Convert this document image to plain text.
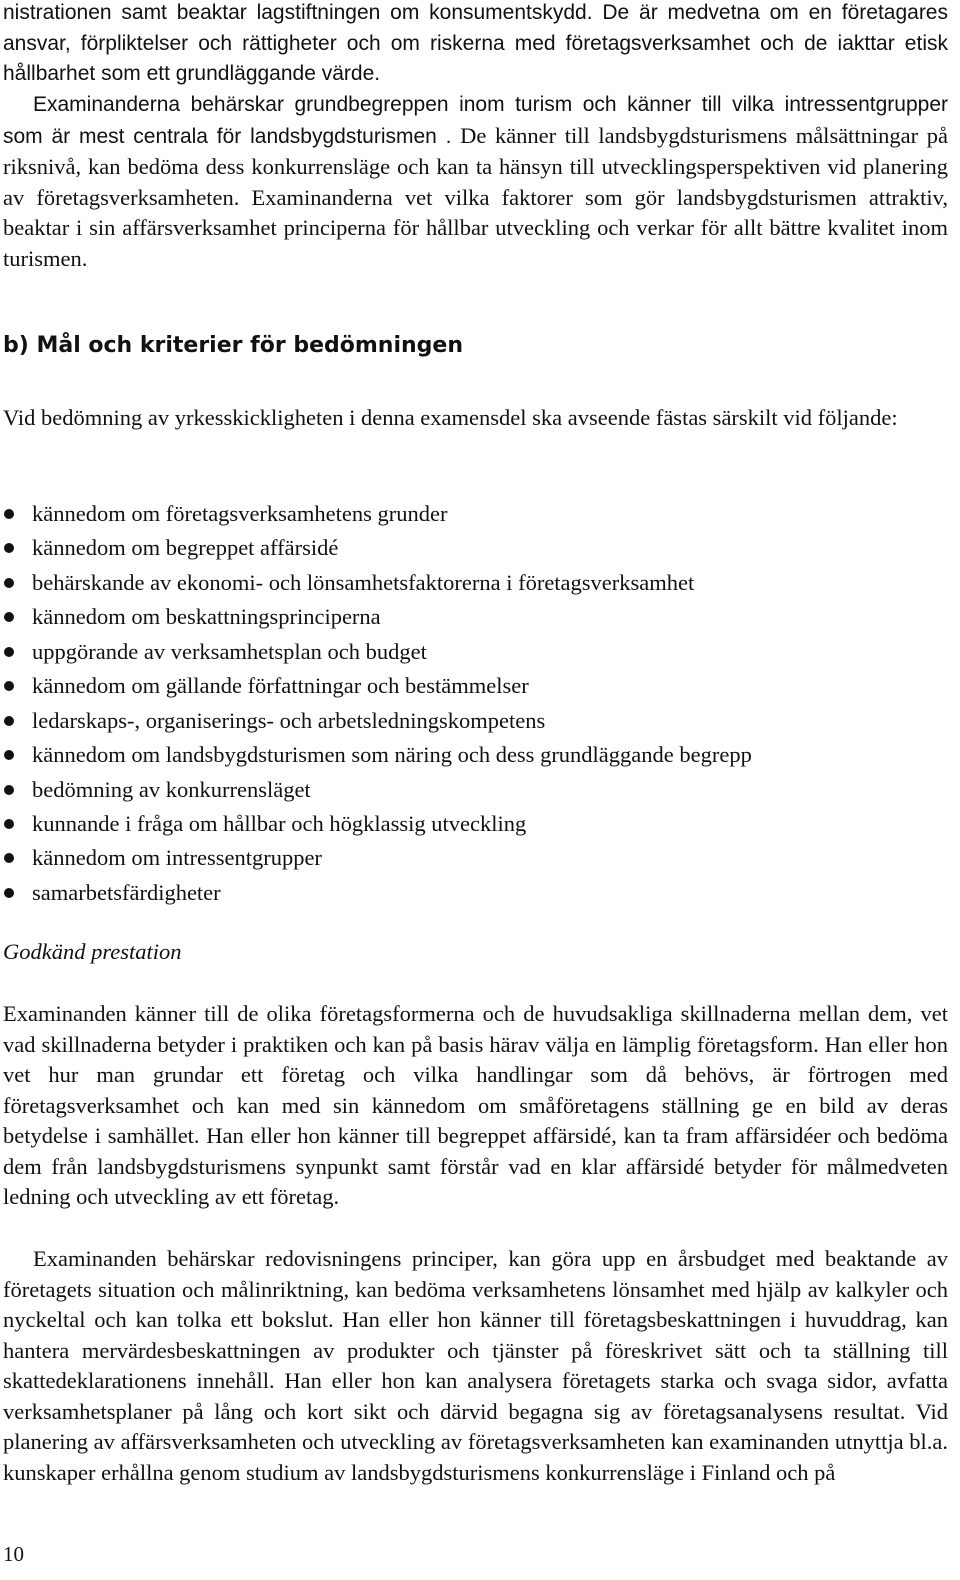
nistrationen samt beaktar lagstiftningen om konsumentskydd. De är medvetna om en företagares ansvar, förpliktelser och rättigheter och om riskerna med företagsverksamhet och de iakttar etisk hållbarhet som ett grundläggande värde.

Examinanderna behärskar grundbegreppen inom turism och känner till vilka intressentgrupper som är mest centrala för landsbygdsturismen . De känner till landsbygdsturismens målsättningar på riksnivå, kan bedöma dess konkurrensläge och kan ta hänsyn till utvecklingsperspektiven vid planering av företagsverksamheten. Examinanderna vet vilka faktorer som gör landsbygdsturismen attraktiv, beaktar i sin affärsverksamhet principerna för hållbar utveckling och verkar för allt bättre kvalitet inom turismen.

b) Mål och kriterier för bedömningen

Vid bedömning av yrkesskickligheten i denna examensdel ska avseende fästas särskilt vid följande:

kännedom om företagsverksamhetens grunder
kännedom om begreppet affärsidé
behärskande av ekonomi- och lönsamhetsfaktorerna i företagsverksamhet
kännedom om beskattningsprinciperna
uppgörande av verksamhetsplan och budget
kännedom om gällande författningar och bestämmelser
ledarskaps-, organiserings- och arbetsledningskompetens
kännedom om landsbygdsturismen som näring och dess grundläggande begrepp
bedömning av konkurrensläget
kunnande i fråga om hållbar och högklassig utveckling
kännedom om intressentgrupper
samarbetsfärdigheter

Godkänd prestation

Examinanden känner till de olika företagsformerna och de huvudsakliga skillnaderna mellan dem, vet vad skillnaderna betyder i praktiken och kan på basis härav välja en lämplig företagsform. Han eller hon vet hur man grundar ett företag och vilka handlingar som då behövs, är förtrogen med företagsverksamhet och kan med sin kännedom om småföretagens ställning ge en bild av deras betydelse i samhället. Han eller hon känner till begreppet affärsidé, kan ta fram affärsidéer och bedöma dem från landsbygdsturismens synpunkt samt förstår vad en klar affärsidé betyder för målmedveten ledning och utveckling av ett företag.

Examinanden behärskar redovisningens principer, kan göra upp en årsbudget med beaktande av företagets situation och målinriktning, kan bedöma verksamhetens lönsamhet med hjälp av kalkyler och nyckeltal och kan tolka ett bokslut. Han eller hon känner till företagsbeskattningen i huvuddrag, kan hantera mervärdesbeskattningen av produkter och tjänster på föreskrivet sätt och ta ställning till skattedeklarationens innehåll. Han eller hon kan analysera företagets starka och svaga sidor, avfatta verksamhetsplaner på lång och kort sikt och därvid begagna sig av företagsanalysens resultat. Vid planering av affärsverksamheten och utveckling av företagsverksamheten kan examinanden utnyttja bl.a. kunskaper erhållna genom studium av landsbygdsturismens konkurrensläge i Finland och på

10
